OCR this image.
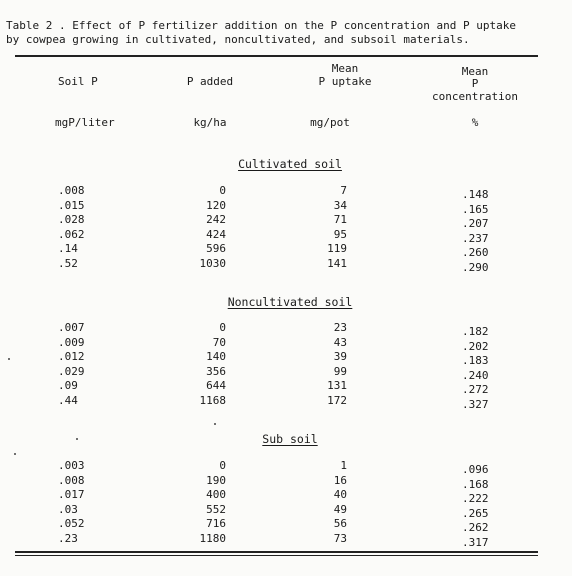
Table 2 . Effect of P fertilizer addition on the P concentration and P uptake
by cowpea growing in cultivated, noncultivated, and subsoil materials.
Soil P	P added
Mean
P uptake
Mean
P
concentration
mgP/liter	kg/ha	mg/pot	%
Cultivated soil
.008	0	7	.148
.015	120	34	.165
.028	242	71	.207
.062	424	95	.237
.14	596	119	.260
.52	1030	141	.290
Noncultivated soil
.007	0	23	.182
.009	70	43	.202
.012	140	39	.183
.029	356	99	.240
.09	644	131	.272
.44	1168	172	.327
Sub soil
.003	0	1	.096
.008	190	16	.168
.017	400	40	.222
.03	552	49	.265
.052	716	56	.262
.23	1180	73	.317
